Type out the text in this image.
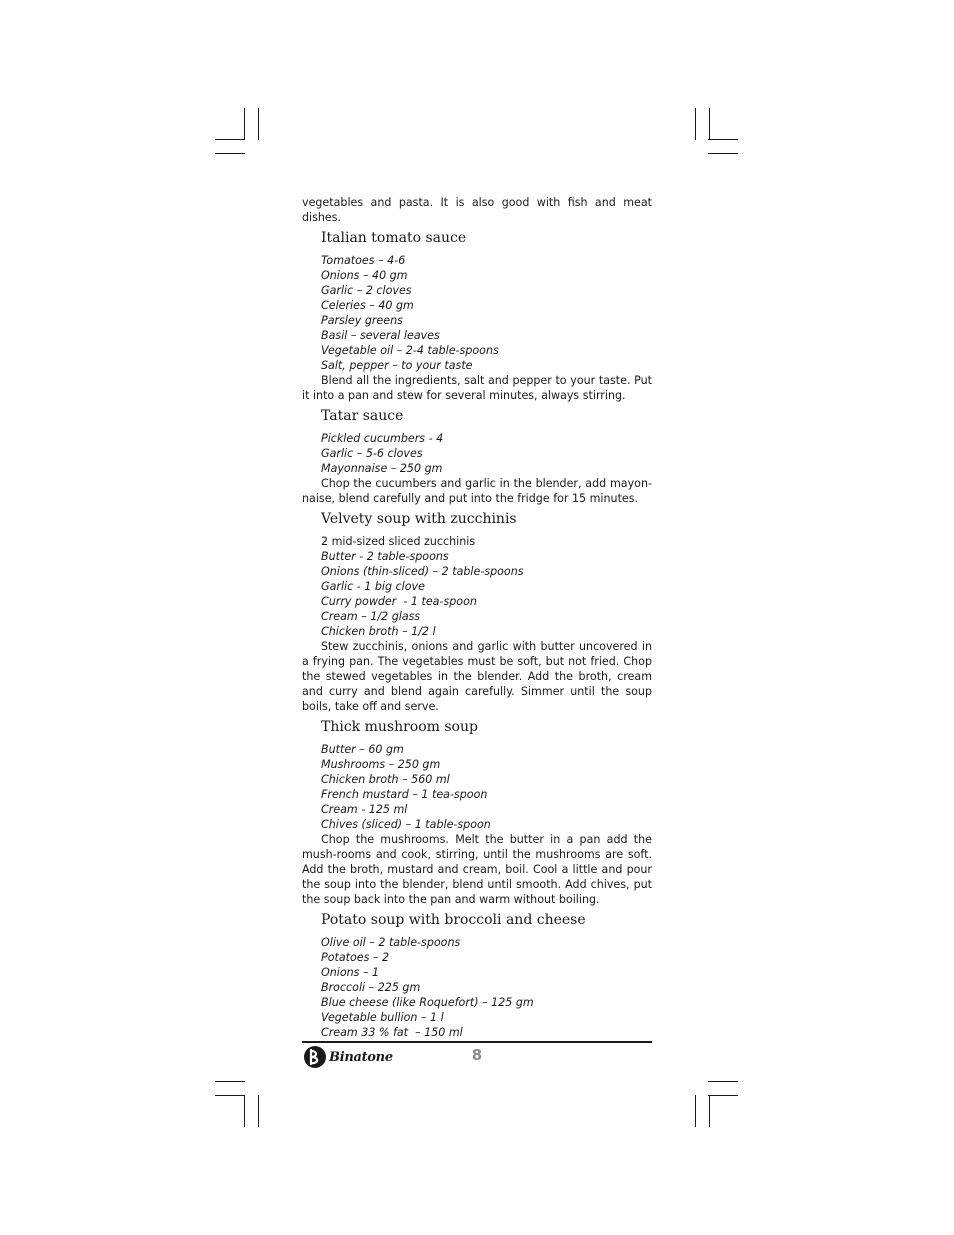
vegetables and pasta. It is also good with fish and meat dishes.

Italian tomato sauce
Tomatoes – 4-6
Onions – 40 gm
Garlic – 2 cloves
Celeries – 40 gm
Parsley greens
Basil – several leaves
Vegetable oil – 2-4 table-spoons
Salt, pepper – to your taste

Blend all the ingredients, salt and pepper to your taste. Put it into a pan and stew for several minutes, always stirring.

Tatar sauce
Pickled cucumbers - 4
Garlic – 5-6 cloves
Mayonnaise – 250 gm

Chop the cucumbers and garlic in the blender, add mayon-naise, blend carefully and put into the fridge for 15 minutes.

Velvety soup with zucchinis
2 mid-sized sliced zucchinis
Butter - 2 table-spoons
Onions (thin-sliced) – 2 table-spoons
Garlic - 1 big clove
Curry powder  - 1 tea-spoon
Cream – 1/2 glass
Chicken broth – 1/2 l

Stew zucchinis, onions and garlic with butter uncovered in a frying pan. The vegetables must be soft, but not fried. Chop the stewed vegetables in the blender. Add the broth, cream and curry and blend again carefully. Simmer until the soup boils, take off and serve.

Thick mushroom soup
Butter – 60 gm
Mushrooms – 250 gm
Chicken broth – 560 ml
French mustard – 1 tea-spoon
Cream - 125 ml
Chives (sliced) – 1 table-spoon

Chop the mushrooms. Melt the butter in a pan add the mush-rooms and cook, stirring, until the mushrooms are soft. Add the broth, mustard and cream, boil. Cool a little and pour the soup into the blender, blend until smooth. Add chives, put the soup back into the pan and warm without boiling.

Potato soup with broccoli and cheese
Olive oil – 2 table-spoons
Potatoes – 2
Onions – 1
Broccoli – 225 gm
Blue cheese (like Roquefort) – 125 gm
Vegetable bullion – 1 l
Cream 33 % fat  – 150 ml
Binatone	8
